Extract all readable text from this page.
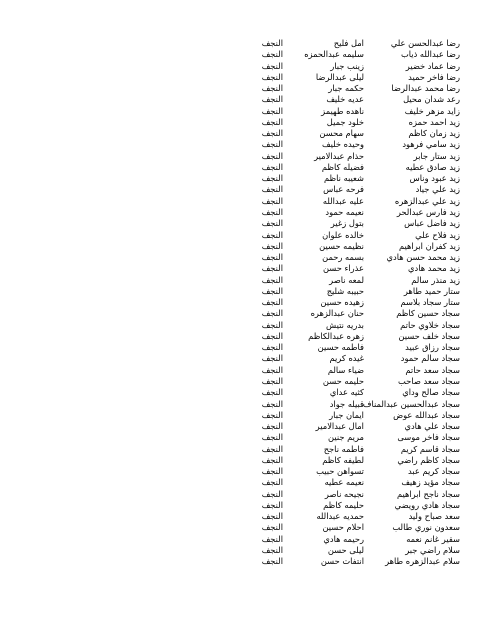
رضا عبدالحسن علي
امل فليح
النجف
رضا عبدالله ذياب
سليمه عبدالحمزه
النجف
رضا عماد خضير
زينب جبار
النجف
رضا فاخر حميد
ليلى عبدالرضا
النجف
رضا محمد عبدالرضا
حكمه جبار
النجف
رعد شدان محيل
عديه خليف
النجف
زايد مزهر خليف
ناهده طهيمز
النجف
زيد احمد حمزه
خلود جميل
النجف
زيد زمان كاظم
سهام محسن
النجف
زيد سامي فرهود
وحيده خليف
النجف
زيد ستار جابر
حذام عبدالامير
النجف
زيد صادق عطيه
فضيله كاظم
النجف
زيد عبود وناس
شعيبه ناظم
النجف
زيد علي جياد
فرحه عباس
النجف
زيد علي عبدالزهره
عليه عبدالله
النجف
زيد فارس عبدالحر
نعيمه حمود
النجف
زيد فاضل عباس
بتول زغير
النجف
زيد فلاح علي
خالده علوان
النجف
زيد كفران ابراهيم
نظيمه حسين
النجف
زيد محمد حسن هادي
بسمه رحمن
النجف
زيد محمد هادي
عذراء حسن
النجف
زيد منذر سالم
لمعه ناصر
النجف
ستار حميد طاهر
حبيبه شليج
النجف
ستار سجاد بلاسم
زهيده حسين
النجف
سجاد حسين كاظم
حنان عبدالزهره
النجف
سجاد خلاوي حاتم
بدريه نتيش
النجف
سجاد خلف حسين
زهره عبدالكاظم
النجف
سجاد رزاق عبيد
فاطمه حسين
النجف
سجاد سالم حمود
غيده كريم
النجف
سجاد سعد حاتم
ضياء سالم
النجف
سجاد سعد صاحب
حليمه حسن
النجف
سجاد صالح وداي
كثيه عداي
النجف
سجاد عبدالحسين عبدالمناف
قبيله جواد
النجف
سجاد عبدالله عوض
ايمان جبار
النجف
سجاد علي هادي
امال عبدالامير
النجف
سجاد فاخر موسى
مريم جنين
النجف
سجاد قاسم كريم
فاطمه ناجح
النجف
سجاد كاظم راضي
لطيفه كاظم
النجف
سجاد كريم عبد
تسواهن حبيب
النجف
سجاد مؤيد زهيف
نعيمه عطيه
النجف
سجاد ناجح ابراهيم
نجيحه ناصر
النجف
سجاد هادي رويضي
حليمه كاظم
النجف
سعد صباح وليد
حمديه عبدالله
النجف
سعدون نوري طالب
احلام حسين
النجف
سقير غانم نعمه
رحيمه هادي
النجف
سلام راضي جبر
ليلى حسن
النجف
سلام عبدالزهره طاهر
انتفات حسن
النجف
